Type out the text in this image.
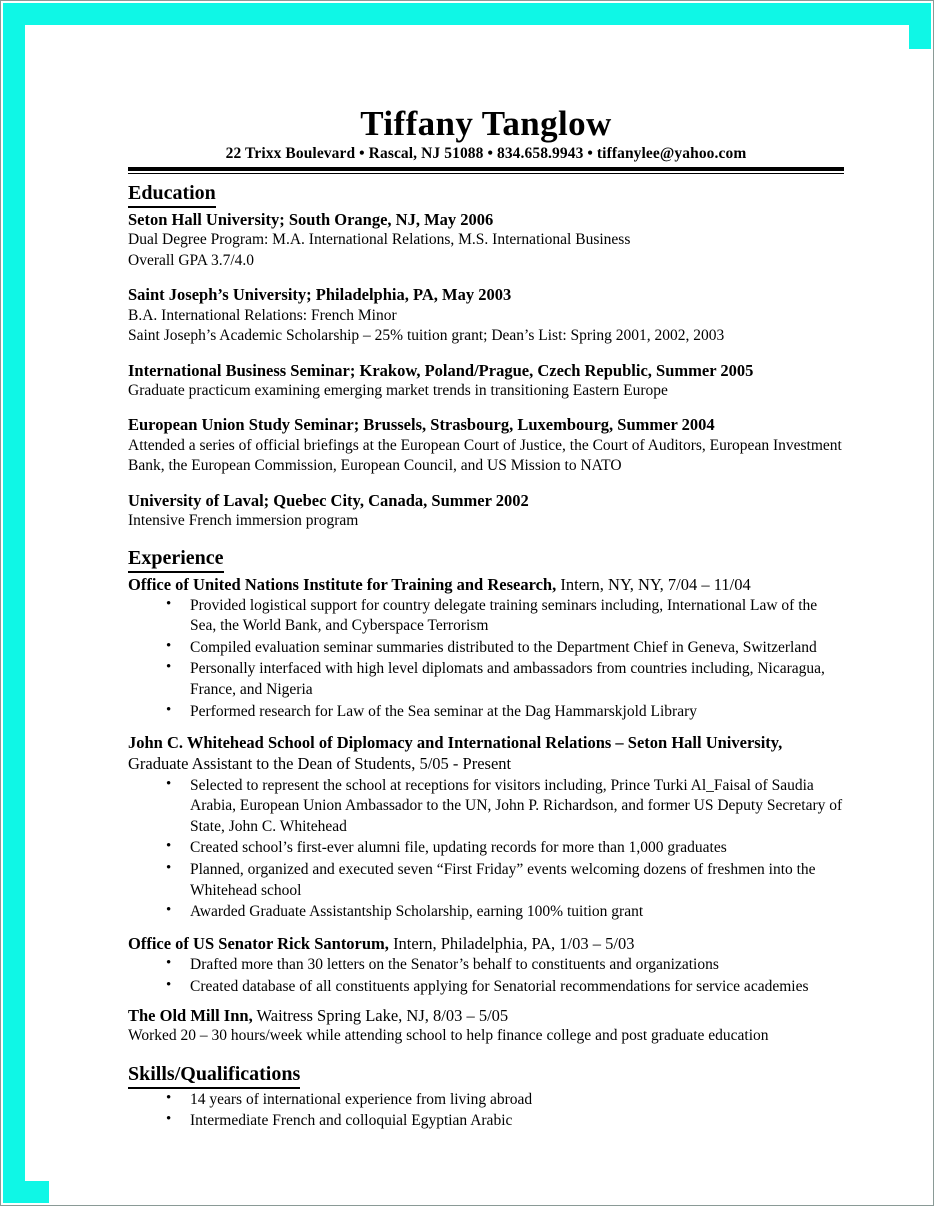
Tiffany Tanglow
22 Trixx Boulevard • Rascal, NJ 51088 • 834.658.9943 • tiffanylee@yahoo.com
Education
Seton Hall University; South Orange, NJ, May 2006
Dual Degree Program: M.A. International Relations, M.S. International Business
Overall GPA 3.7/4.0
Saint Joseph’s University; Philadelphia, PA, May 2003
B.A. International Relations: French Minor
Saint Joseph’s Academic Scholarship – 25% tuition grant; Dean’s List: Spring 2001, 2002, 2003
International Business Seminar; Krakow, Poland/Prague, Czech Republic, Summer 2005
Graduate practicum examining emerging market trends in transitioning Eastern Europe
European Union Study Seminar; Brussels, Strasbourg, Luxembourg, Summer 2004
Attended a series of official briefings at the European Court of Justice, the Court of Auditors, European Investment Bank, the European Commission, European Council, and US Mission to NATO
University of Laval; Quebec City, Canada, Summer 2002
Intensive French immersion program
Experience
Office of United Nations Institute for Training and Research, Intern, NY, NY, 7/04 – 11/04
• Provided logistical support for country delegate training seminars including, International Law of the Sea, the World Bank, and Cyberspace Terrorism
• Compiled evaluation seminar summaries distributed to the Department Chief in Geneva, Switzerland
• Personally interfaced with high level diplomats and ambassadors from countries including, Nicaragua, France, and Nigeria
• Performed research for Law of the Sea seminar at the Dag Hammarskjold Library
John C. Whitehead School of Diplomacy and International Relations – Seton Hall University, Graduate Assistant to the Dean of Students, 5/05 - Present
• Selected to represent the school at receptions for visitors including, Prince Turki Al_Faisal of Saudia Arabia, European Union Ambassador to the UN, John P. Richardson, and former US Deputy Secretary of State, John C. Whitehead
• Created school’s first-ever alumni file, updating records for more than 1,000 graduates
• Planned, organized and executed seven “First Friday” events welcoming dozens of freshmen into the Whitehead school
• Awarded Graduate Assistantship Scholarship, earning 100% tuition grant
Office of US Senator Rick Santorum, Intern, Philadelphia, PA, 1/03 – 5/03
• Drafted more than 30 letters on the Senator’s behalf to constituents and organizations
• Created database of all constituents applying for Senatorial recommendations for service academies
The Old Mill Inn, Waitress Spring Lake, NJ, 8/03 – 5/05
Worked 20 – 30 hours/week while attending school to help finance college and post graduate education
Skills/Qualifications
• 14 years of international experience from living abroad
• Intermediate French and colloquial Egyptian Arabic
